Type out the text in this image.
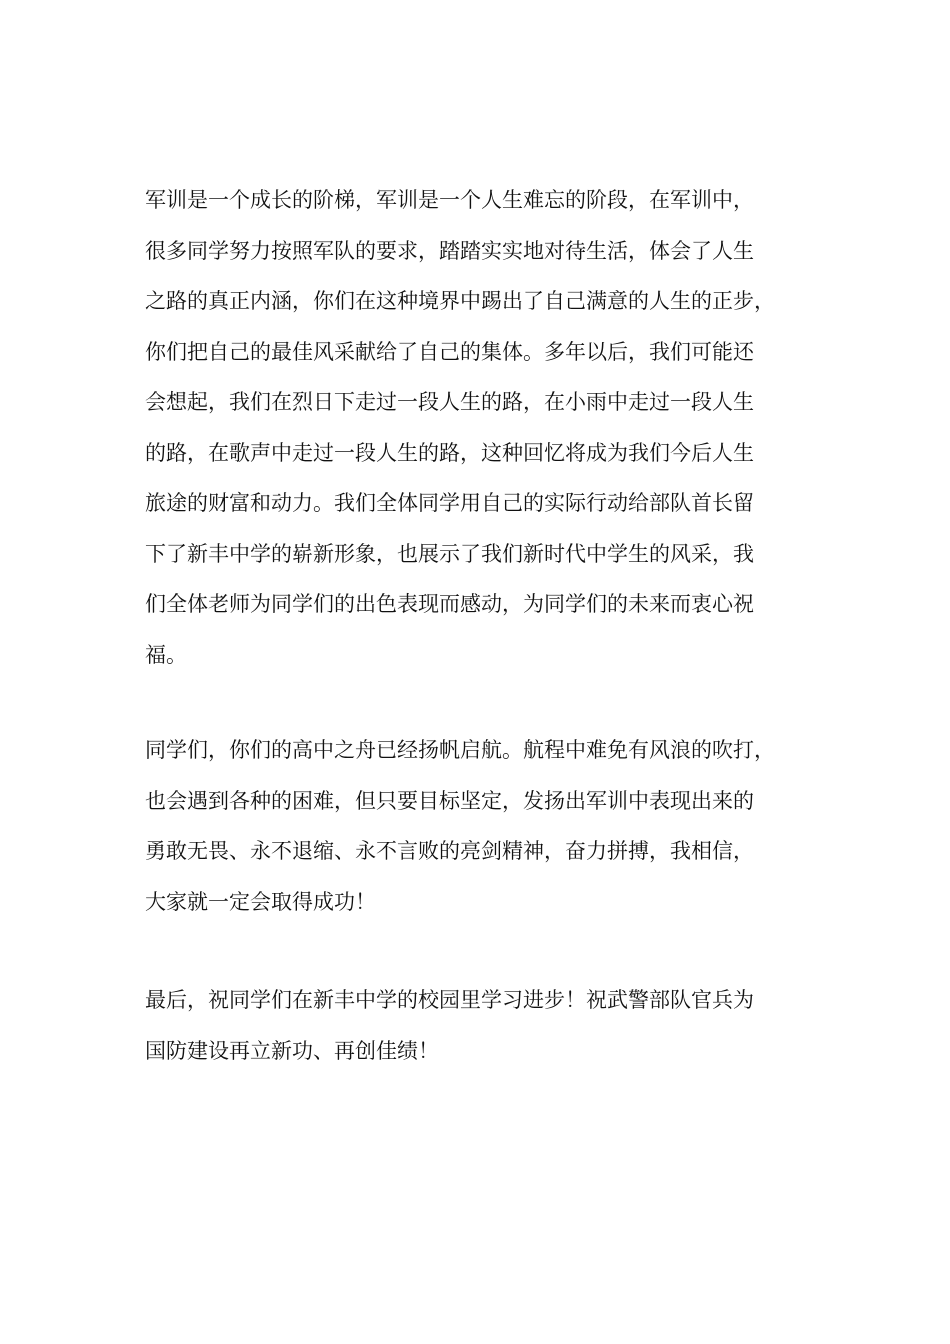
军训是一个成长的阶梯，军训是一个人生难忘的阶段，在军训中，
很多同学努力按照军队的要求，踏踏实实地对待生活，体会了人生
之路的真正内涵，你们在这种境界中踢出了自己满意的人生的正步，
你们把自己的最佳风采献给了自己的集体。多年以后，我们可能还
会想起，我们在烈日下走过一段人生的路，在小雨中走过一段人生
的路，在歌声中走过一段人生的路，这种回忆将成为我们今后人生
旅途的财富和动力。我们全体同学用自己的实际行动给部队首长留
下了新丰中学的崭新形象，也展示了我们新时代中学生的风采，我
们全体老师为同学们的出色表现而感动，为同学们的未来而衷心祝
福。

同学们，你们的高中之舟已经扬帆启航。航程中难免有风浪的吹打，
也会遇到各种的困难，但只要目标坚定，发扬出军训中表现出来的
勇敢无畏、永不退缩、永不言败的亮剑精神，奋力拼搏，我相信，
大家就一定会取得成功！

最后，祝同学们在新丰中学的校园里学习进步！祝武警部队官兵为
国防建设再立新功、再创佳绩！
